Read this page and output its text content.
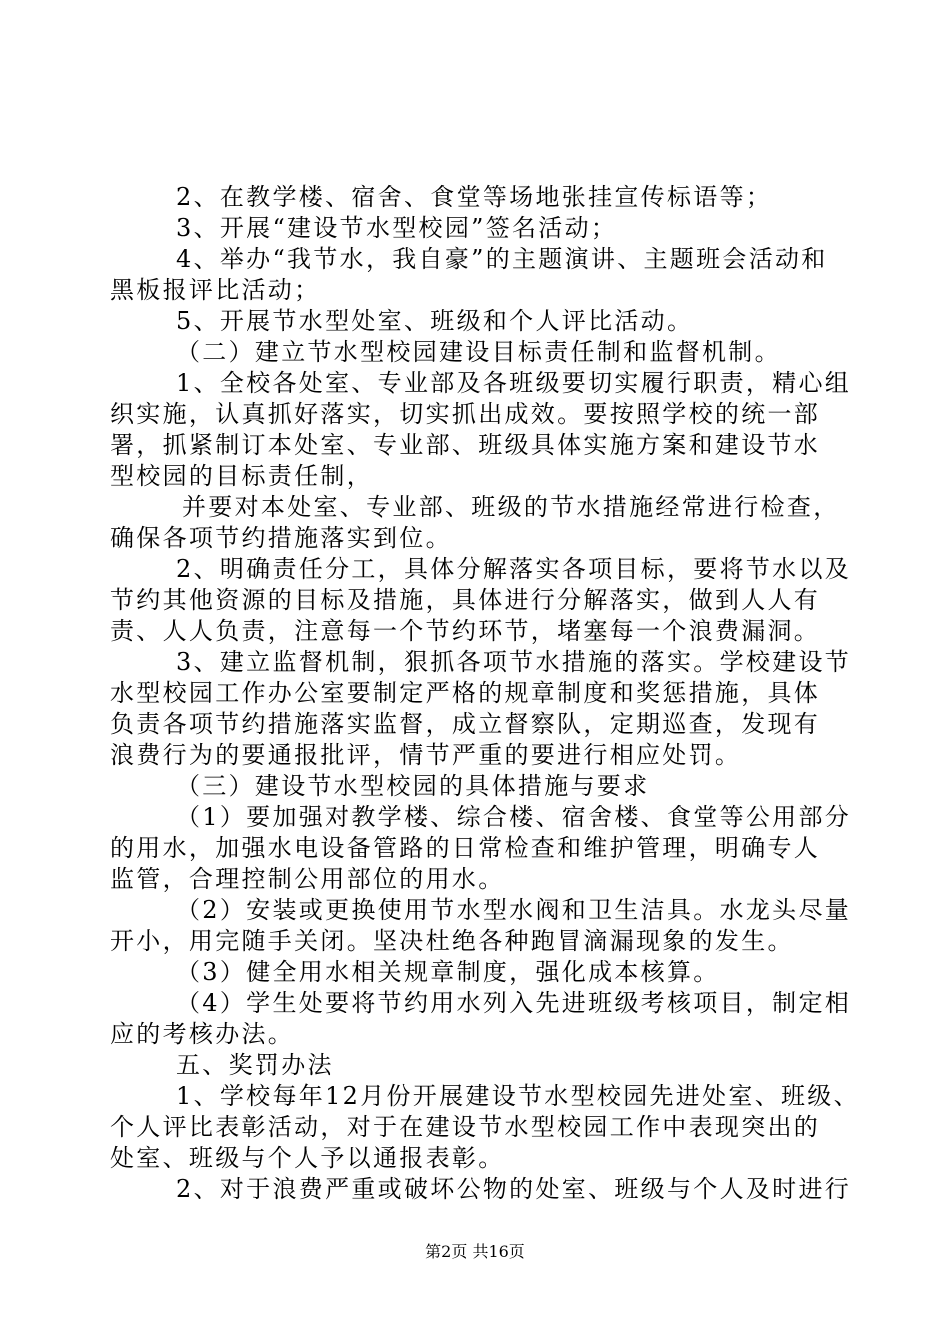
2、在教学楼、宿舍、食堂等场地张挂宣传标语等；
3、开展“建设节水型校园”签名活动；
4、举办“我节水，我自豪”的主题演讲、主题班会活动和
黑板报评比活动；
5、开展节水型处室、班级和个人评比活动。
（二）建立节水型校园建设目标责任制和监督机制。
1、全校各处室、专业部及各班级要切实履行职责，精心组
织实施，认真抓好落实，切实抓出成效。要按照学校的统一部
署，抓紧制订本处室、专业部、班级具体实施方案和建设节水
型校园的目标责任制，
并要对本处室、专业部、班级的节水措施经常进行检查，
确保各项节约措施落实到位。
2、明确责任分工，具体分解落实各项目标，要将节水以及
节约其他资源的目标及措施，具体进行分解落实，做到人人有
责、人人负责，注意每一个节约环节，堵塞每一个浪费漏洞。
3、建立监督机制，狠抓各项节水措施的落实。学校建设节
水型校园工作办公室要制定严格的规章制度和奖惩措施，具体
负责各项节约措施落实监督，成立督察队，定期巡查，发现有
浪费行为的要通报批评，情节严重的要进行相应处罚。
（三）建设节水型校园的具体措施与要求
（1）要加强对教学楼、综合楼、宿舍楼、食堂等公用部分
的用水，加强水电设备管路的日常检查和维护管理，明确专人
监管，合理控制公用部位的用水。
（2）安装或更换使用节水型水阀和卫生洁具。水龙头尽量
开小，用完随手关闭。坚决杜绝各种跑冒滴漏现象的发生。
（3）健全用水相关规章制度，强化成本核算。
（4）学生处要将节约用水列入先进班级考核项目，制定相
应的考核办法。
五、奖罚办法
1、学校每年12月份开展建设节水型校园先进处室、班级、
个人评比表彰活动，对于在建设节水型校园工作中表现突出的
处室、班级与个人予以通报表彰。
2、对于浪费严重或破坏公物的处室、班级与个人及时进行
第2页 共16页
